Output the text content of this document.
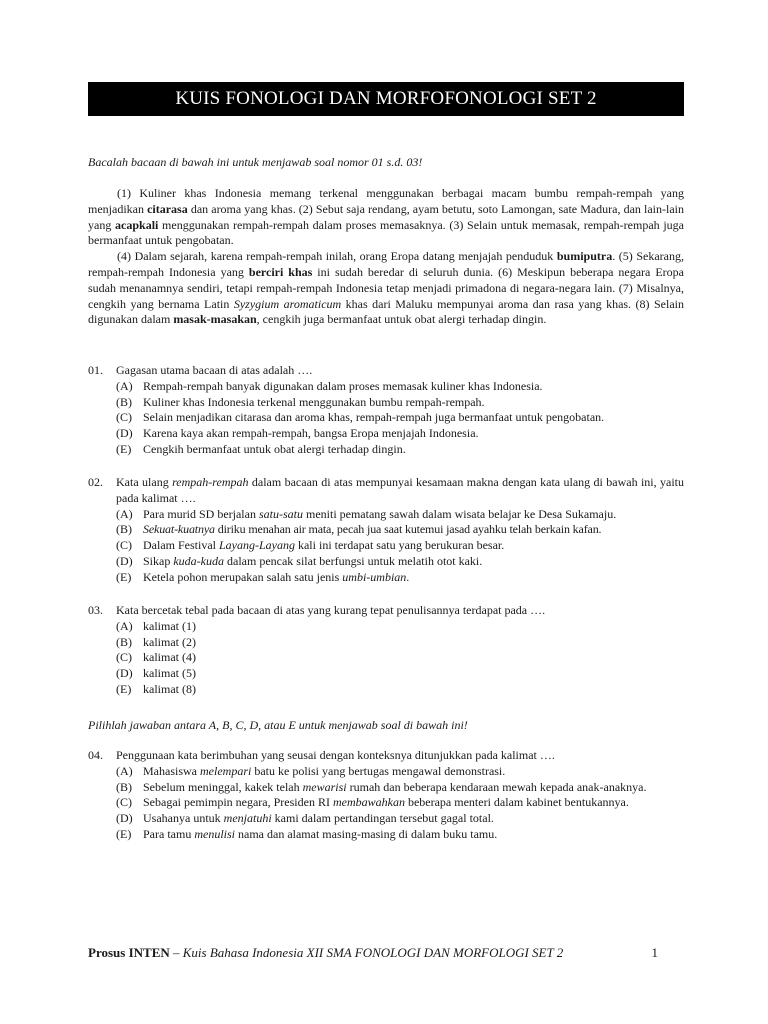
KUIS FONOLOGI DAN MORFOFONOLOGI SET 2
Bacalah bacaan di bawah ini untuk menjawab soal nomor 01 s.d. 03!

(1) Kuliner khas Indonesia memang terkenal menggunakan berbagai macam bumbu rempah-rempah yang menjadikan citarasa dan aroma yang khas. (2) Sebut saja rendang, ayam betutu, soto Lamongan, sate Madura, dan lain-lain yang acapkali menggunakan rempah-rempah dalam proses memasaknya. (3) Selain untuk memasak, rempah-rempah juga bermanfaat untuk pengobatan.

(4) Dalam sejarah, karena rempah-rempah inilah, orang Eropa datang menjajah penduduk bumiputra. (5) Sekarang, rempah-rempah Indonesia yang berciri khas ini sudah beredar di seluruh dunia. (6) Meskipun beberapa negara Eropa sudah menanamnya sendiri, tetapi rempah-rempah Indonesia tetap menjadi primadona di negara-negara lain. (7) Misalnya, cengkih yang bernama Latin Syzygium aromaticum khas dari Maluku mempunyai aroma dan rasa yang khas. (8) Selain digunakan dalam masak-masakan, cengkih juga bermanfaat untuk obat alergi terhadap dingin.

01.	Gagasan utama bacaan di atas adalah ….
(A) Rempah-rempah banyak digunakan dalam proses memasak kuliner khas Indonesia.
(B) Kuliner khas Indonesia terkenal menggunakan bumbu rempah-rempah.
(C) Selain menjadikan citarasa dan aroma khas, rempah-rempah juga bermanfaat untuk pengobatan.
(D) Karena kaya akan rempah-rempah, bangsa Eropa menjajah Indonesia.
(E) Cengkih bermanfaat untuk obat alergi terhadap dingin.
02.	Kata ulang rempah-rempah dalam bacaan di atas mempunyai kesamaan makna dengan kata ulang di bawah ini, yaitu pada kalimat ….
(A) Para murid SD berjalan satu-satu meniti pematang sawah dalam wisata belajar ke Desa Sukamaju.
(B) Sekuat-kuatnya diriku menahan air mata, pecah jua saat kutemui jasad ayahku telah berkain kafan.
(C) Dalam Festival Layang-Layang kali ini terdapat satu yang berukuran besar.
(D) Sikap kuda-kuda dalam pencak silat berfungsi untuk melatih otot kaki.
(E) Ketela pohon merupakan salah satu jenis umbi-umbian.
03.	Kata bercetak tebal pada bacaan di atas yang kurang tepat penulisannya terdapat pada ….
(A) kalimat (1)
(B) kalimat (2)
(C) kalimat (4)
(D) kalimat (5)
(E) kalimat (8)
Pilihlah jawaban antara A, B, C, D, atau E untuk menjawab soal di bawah ini!
04.	Penggunaan kata berimbuhan yang seusai dengan konteksnya ditunjukkan pada kalimat ….
(A) Mahasiswa melempari batu ke polisi yang bertugas mengawal demonstrasi.
(B) Sebelum meninggal, kakek telah mewarisi rumah dan beberapa kendaraan mewah kepada anak-anaknya.
(C) Sebagai pemimpin negara, Presiden RI membawahkan beberapa menteri dalam kabinet bentukannya.
(D) Usahanya untuk menjatuhi kami dalam pertandingan tersebut gagal total.
(E) Para tamu menulisi nama dan alamat masing-masing di dalam buku tamu.
Prosus INTEN – Kuis Bahasa Indonesia XII SMA FONOLOGI DAN MORFOLOGI SET 2	1
